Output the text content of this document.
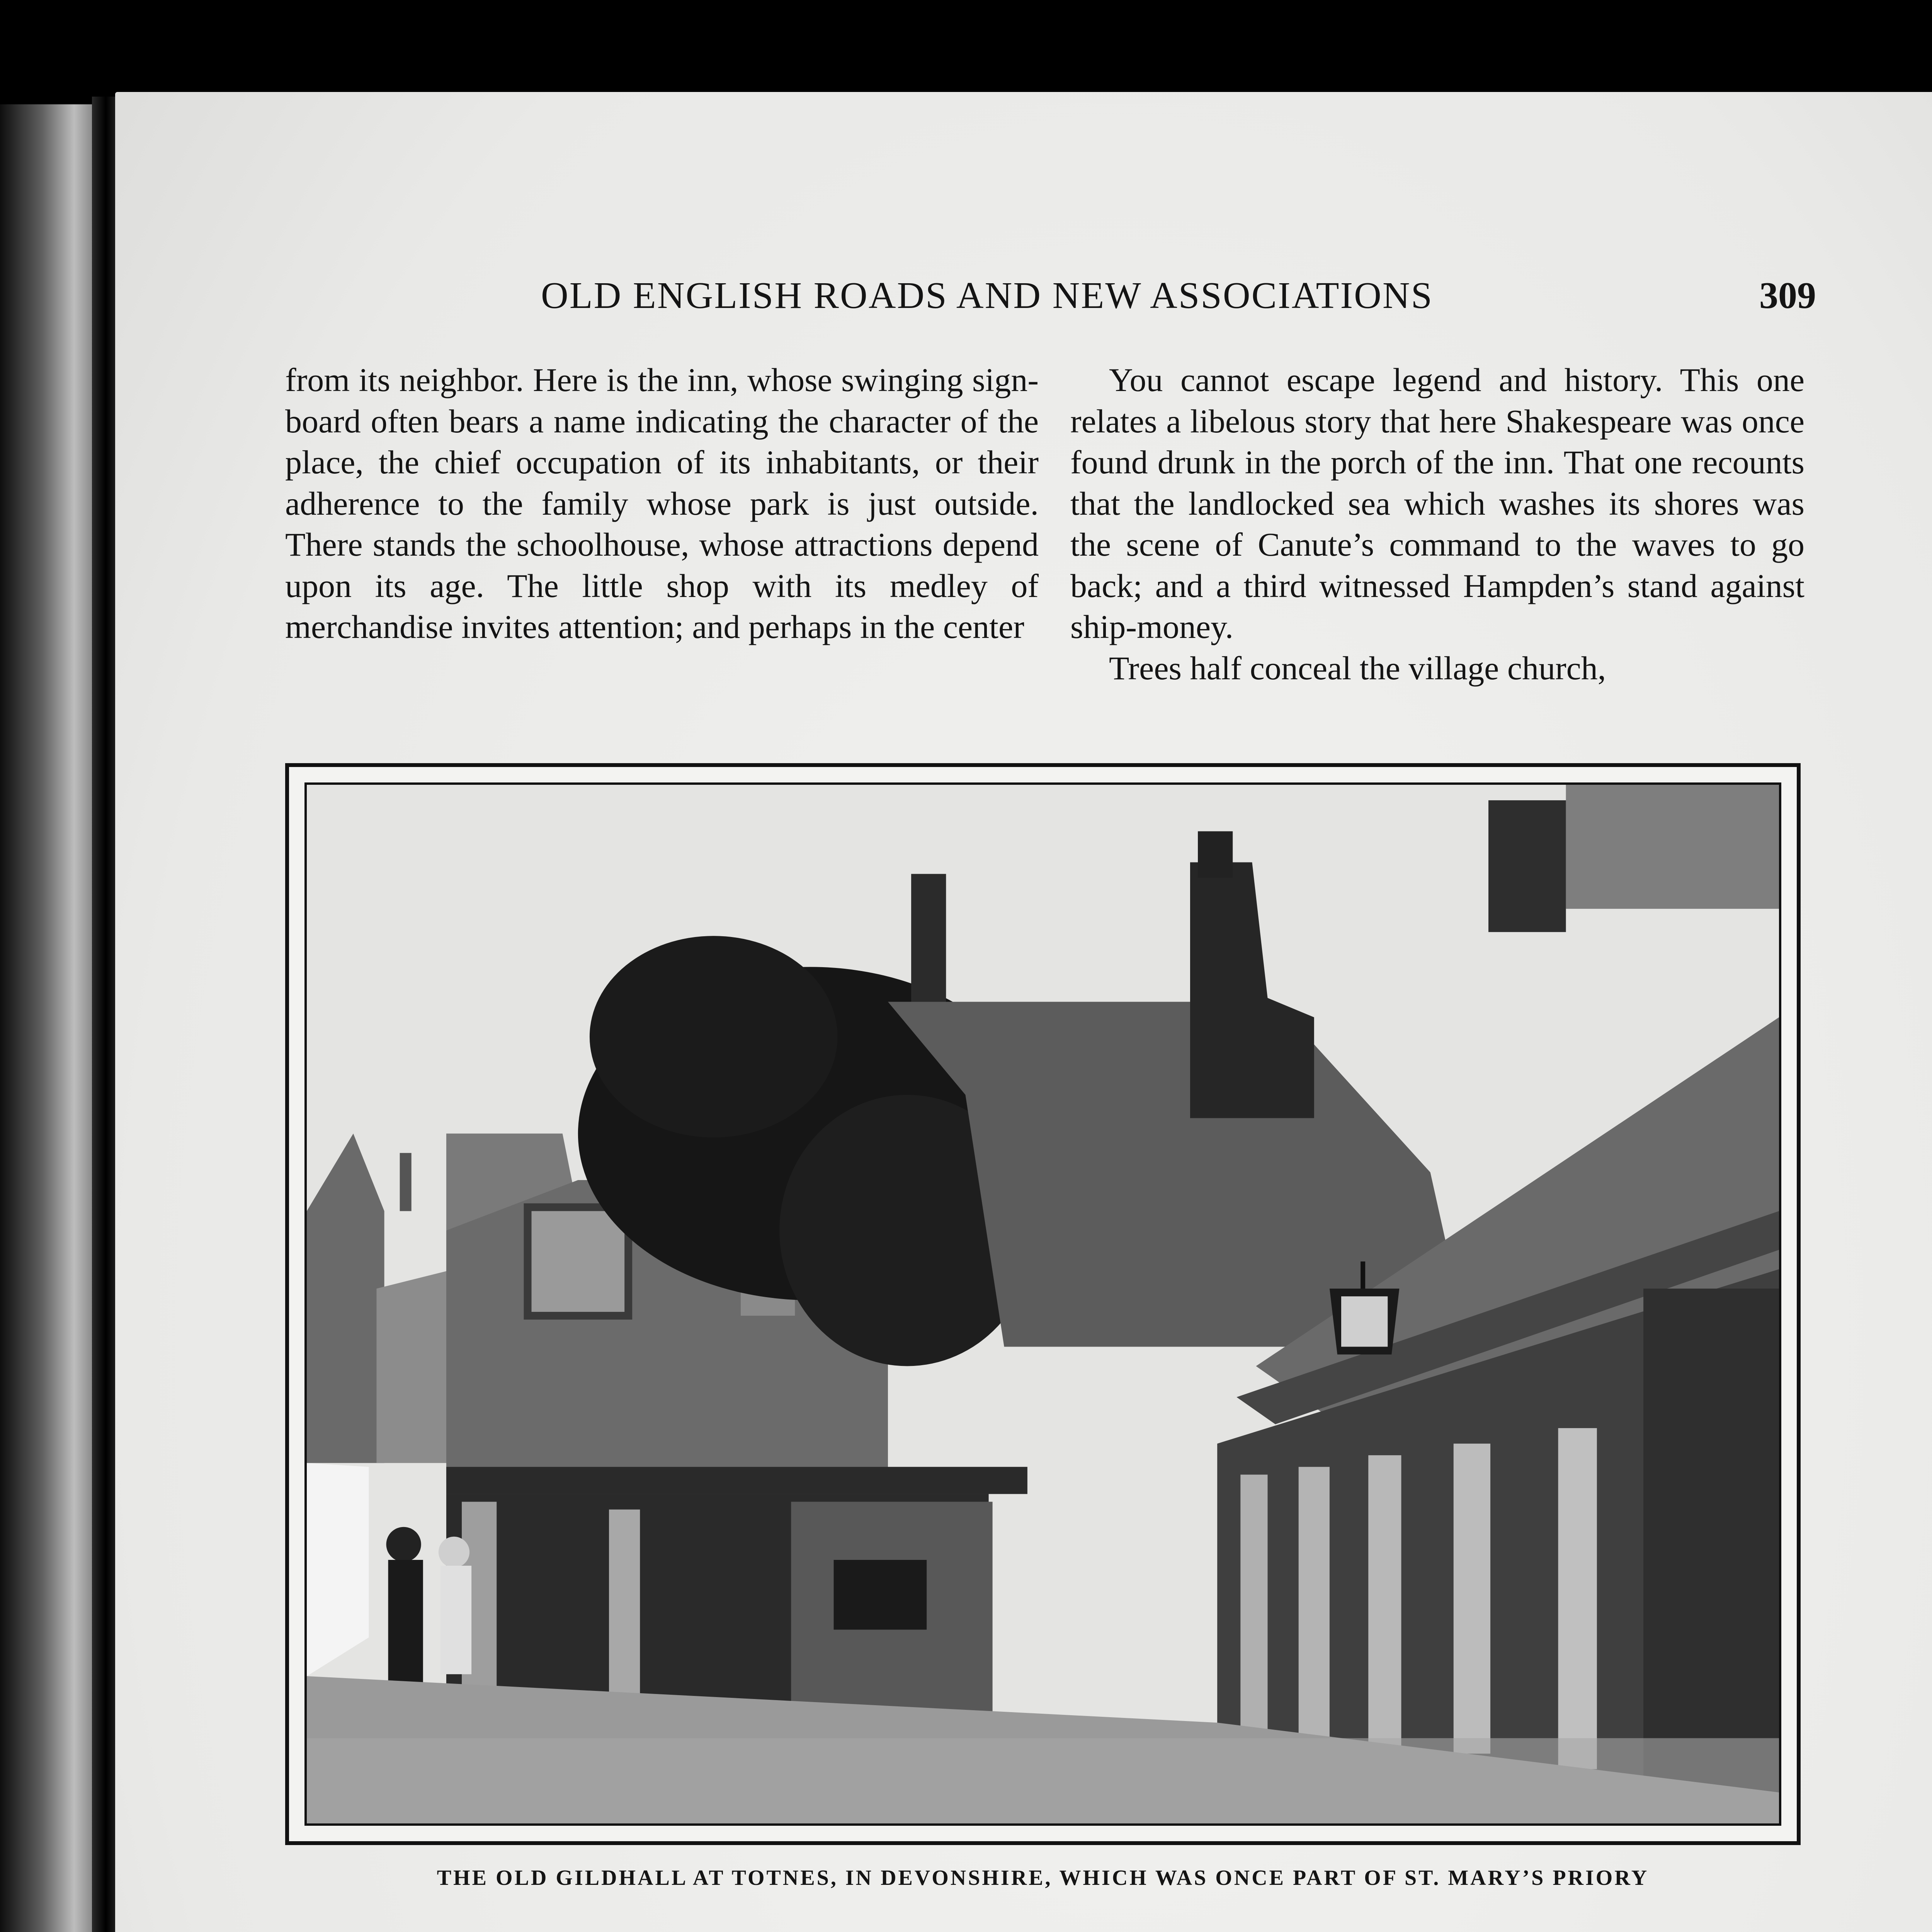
OLD ENGLISH ROADS AND NEW ASSOCIATIONS	309

from its neighbor. Here is the inn, whose swinging sign-board often bears a name indicating the character of the place, the chief occupation of its inhabitants, or their adherence to the family whose park is just outside. There stands the schoolhouse, whose attractions depend upon its age. The little shop with its medley of merchandise invites attention; and perhaps in the center

You cannot escape legend and history. This one relates a libelous story that here Shakespeare was once found drunk in the porch of the inn. That one recounts that the landlocked sea which washes its shores was the scene of Canute’s command to the waves to go back; and a third witnessed Hampden’s stand against ship-money.

Trees half conceal the village church,

THE OLD GILDHALL AT TOTNES, IN DEVONSHIRE, WHICH WAS ONCE PART OF ST. MARY’S PRIORY
